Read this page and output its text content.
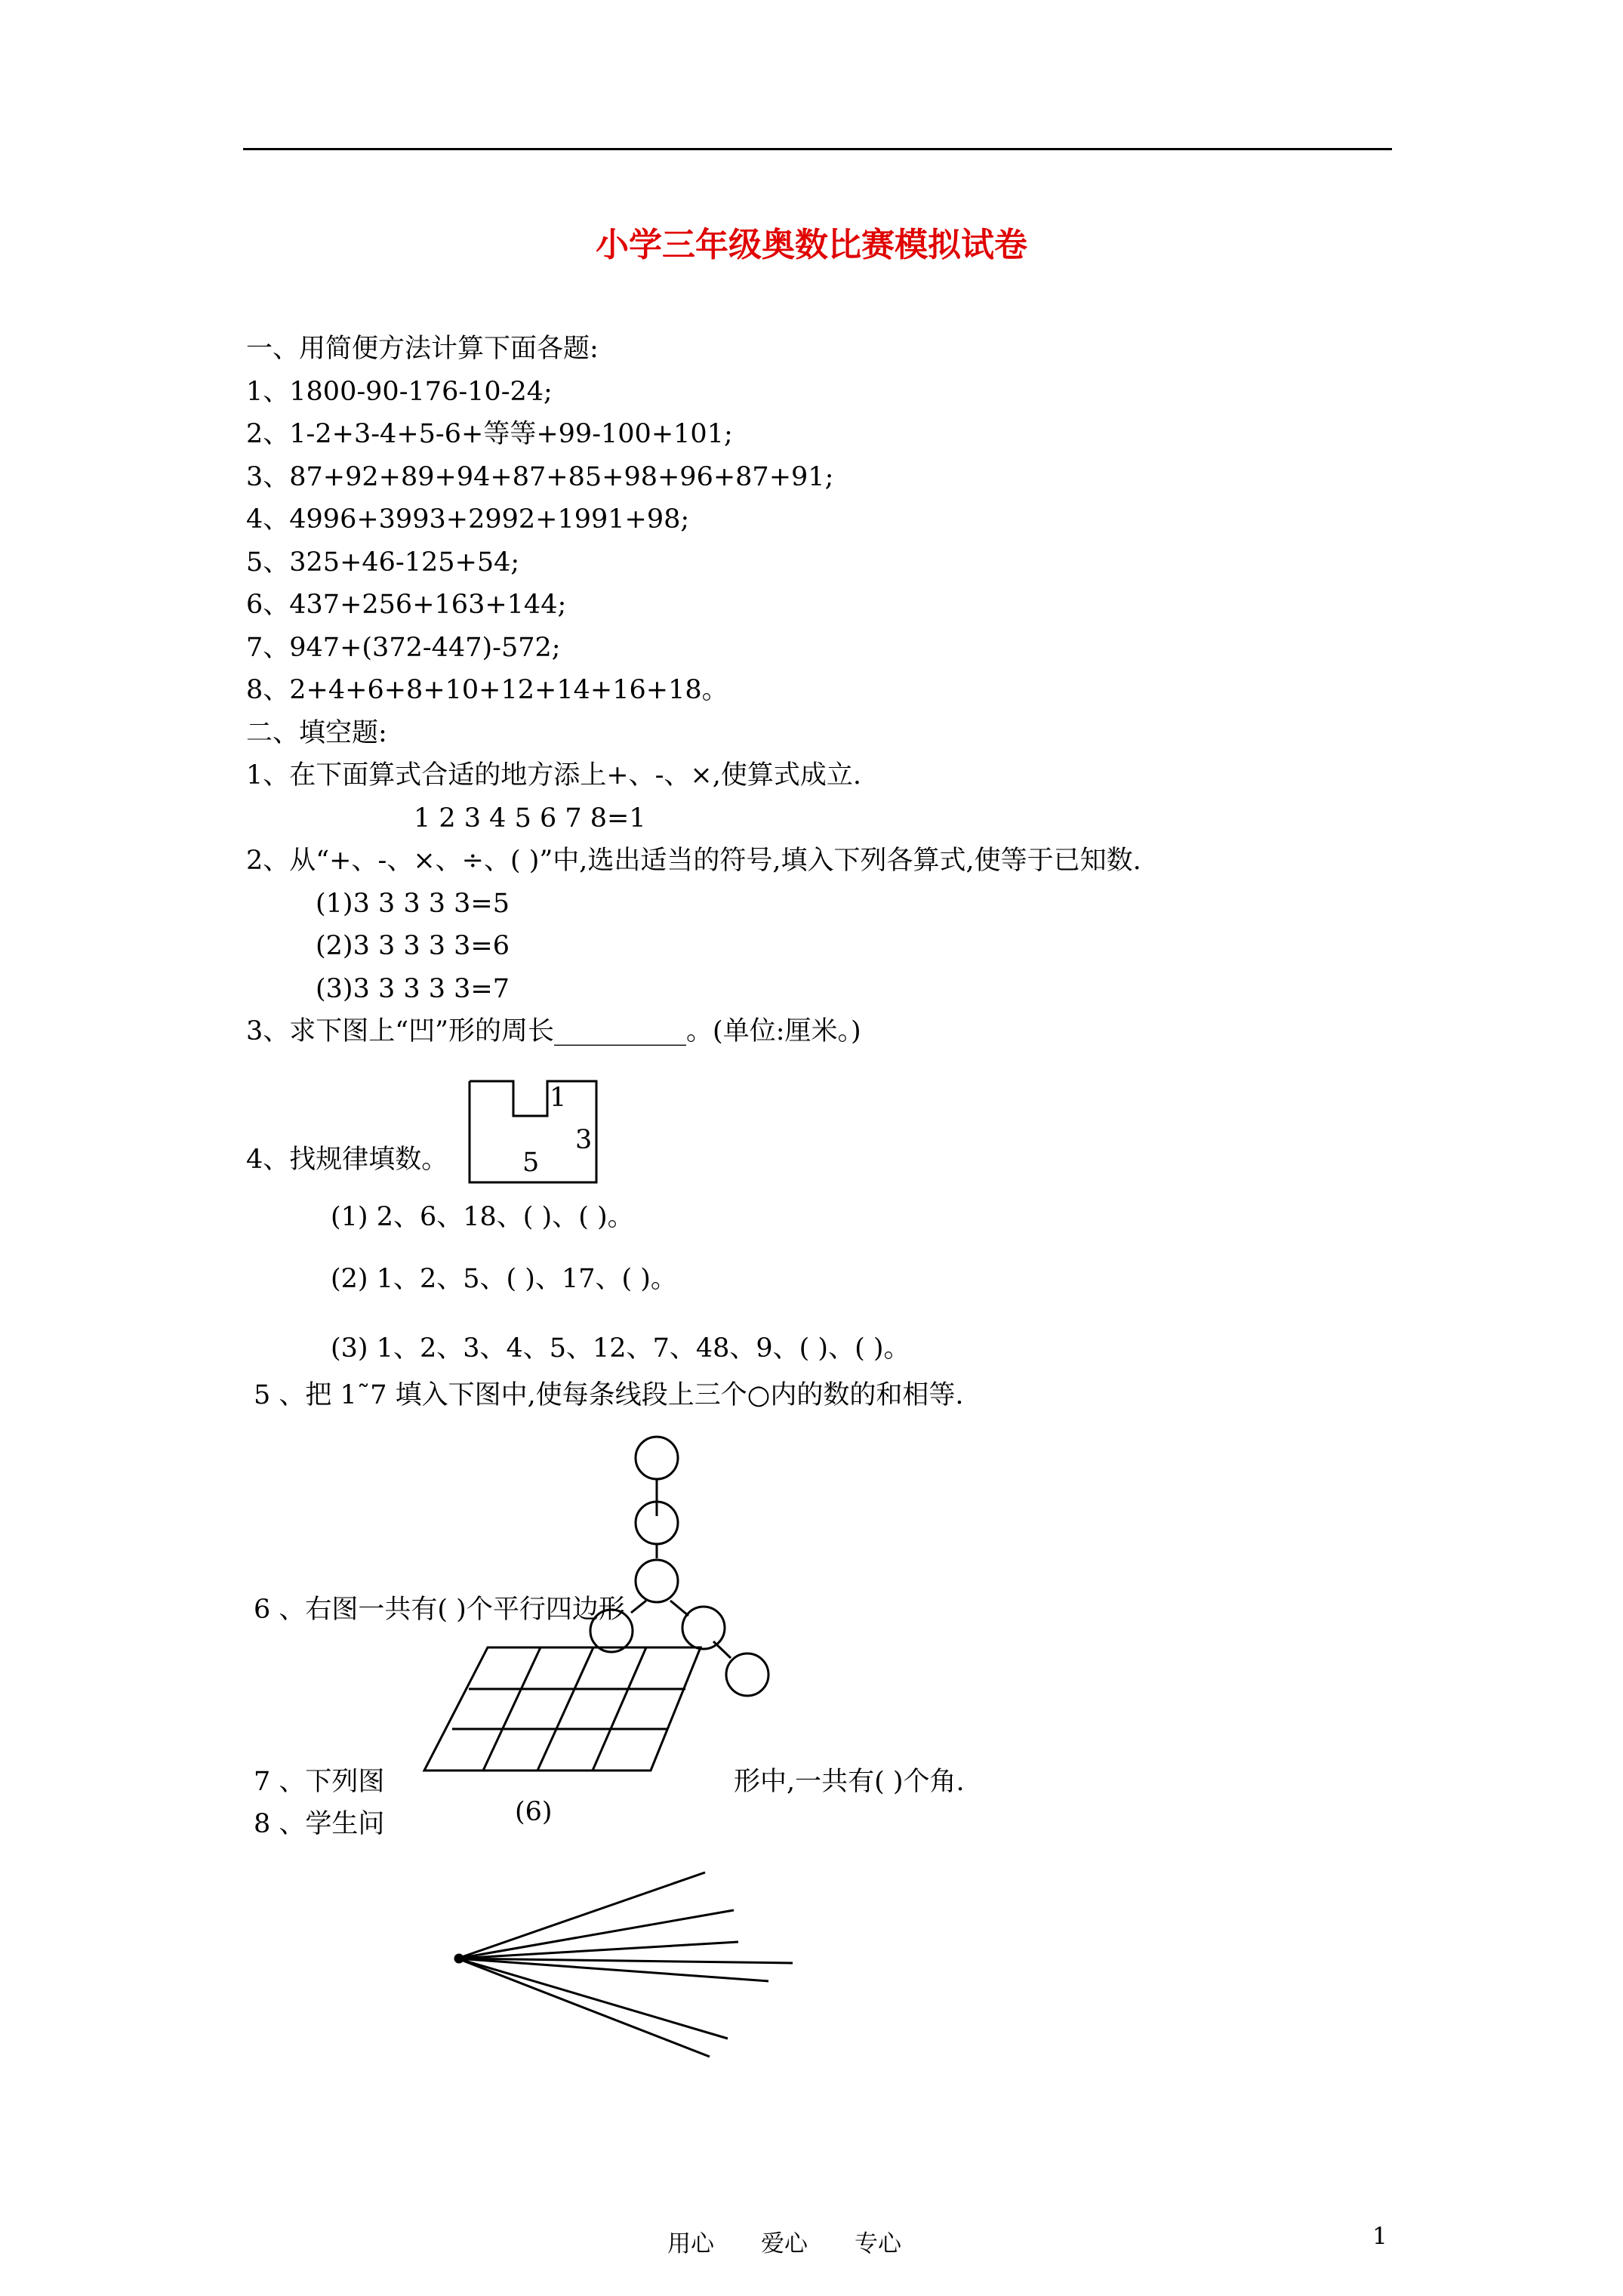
小学三年级奥数比赛模拟试卷
一、用简便方法计算下面各题:
1、1800-90-176-10-24;
2、1-2+3-4+5-6+等等+99-100+101;
3、87+92+89+94+87+85+98+96+87+91;
4、4996+3993+2992+1991+98;
5、325+46-125+54;
6、437+256+163+144;
7、947+(372-447)-572;
8、2+4+6+8+10+12+14+16+18。
二、填空题:
1、在下面算式合适的地方添上+、-、×,使算式成立.
1 2 3 4 5 6 7 8=1
2、从“+、-、×、÷、( )”中,选出适当的符号,填入下列各算式,使等于已知数.
(1)3 3 3 3 3=5
(2)3 3 3 3 3=6
(3)3 3 3 3 3=7
3、求下图上“凹”形的周长__________。(单位:厘米。)
1
3
5
4、找规律填数。
(1) 2、6、18、( )、( )。
(2) 1、2、5、( )、17、( )。
(3) 1、2、3、4、5、12、7、48、9、( )、( )。
5 、把 1˜7 填入下图中,使每条线段上三个○内的数的和相等.
6 、右图一共有( )个平行四边形
7 、下列图	形中,一共有( )个角.
8 、学生问	(6)
用心　　爱心　　专心	1
